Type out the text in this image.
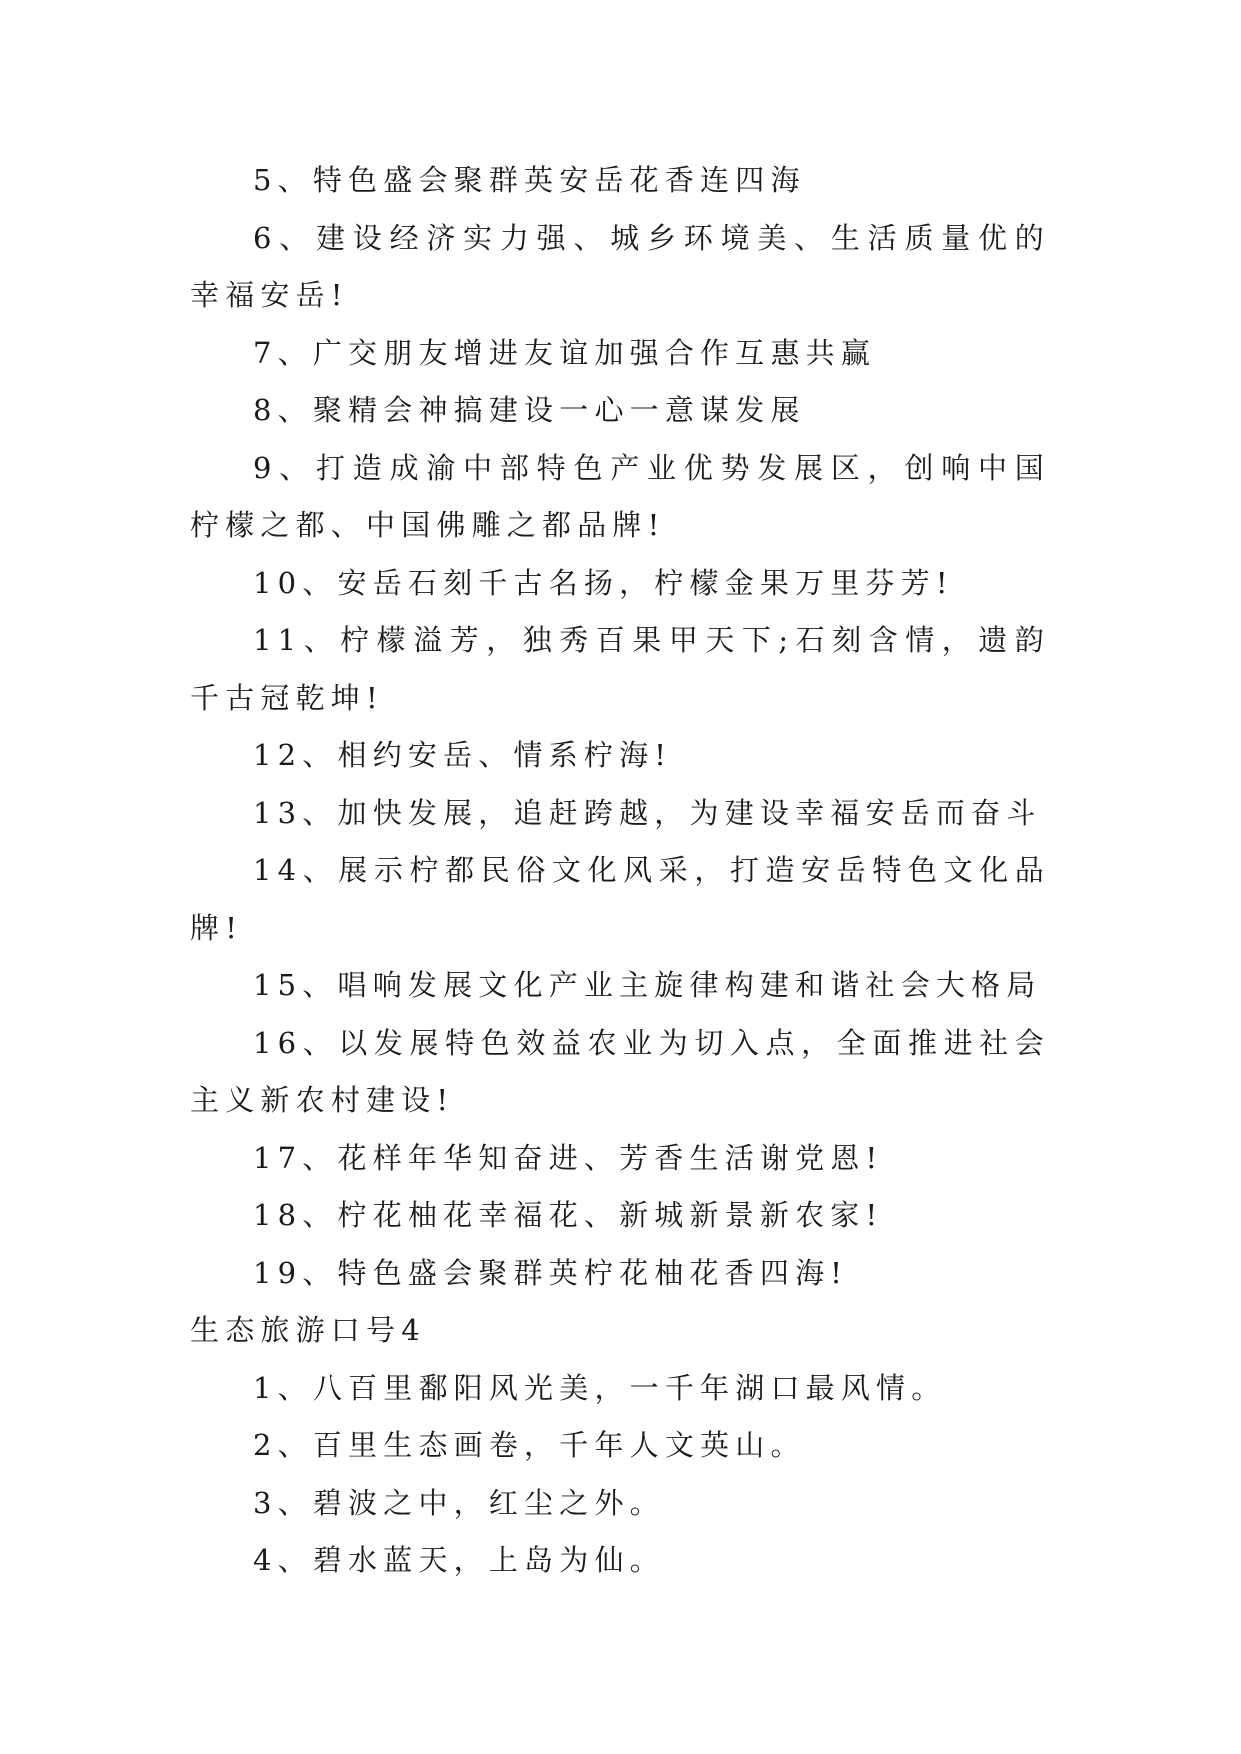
5、特色盛会聚群英安岳花香连四海

6、建设经济实力强、城乡环境美、生活质量优的幸福安岳!

7、广交朋友增进友谊加强合作互惠共赢

8、聚精会神搞建设一心一意谋发展

9、打造成渝中部特色产业优势发展区，创响中国柠檬之都、中国佛雕之都品牌!

10、安岳石刻千古名扬，柠檬金果万里芬芳!

11、柠檬溢芳，独秀百果甲天下;石刻含情，遗韵千古冠乾坤!

12、相约安岳、情系柠海!

13、加快发展，追赶跨越，为建设幸福安岳而奋斗

14、展示柠都民俗文化风采，打造安岳特色文化品牌!

15、唱响发展文化产业主旋律构建和谐社会大格局

16、以发展特色效益农业为切入点，全面推进社会主义新农村建设!

17、花样年华知奋进、芳香生活谢党恩!

18、柠花柚花幸福花、新城新景新农家!

19、特色盛会聚群英柠花柚花香四海!

生态旅游口号4

1、八百里鄱阳风光美，一千年湖口最风情。

2、百里生态画卷，千年人文英山。

3、碧波之中，红尘之外。

4、碧水蓝天，上岛为仙。
